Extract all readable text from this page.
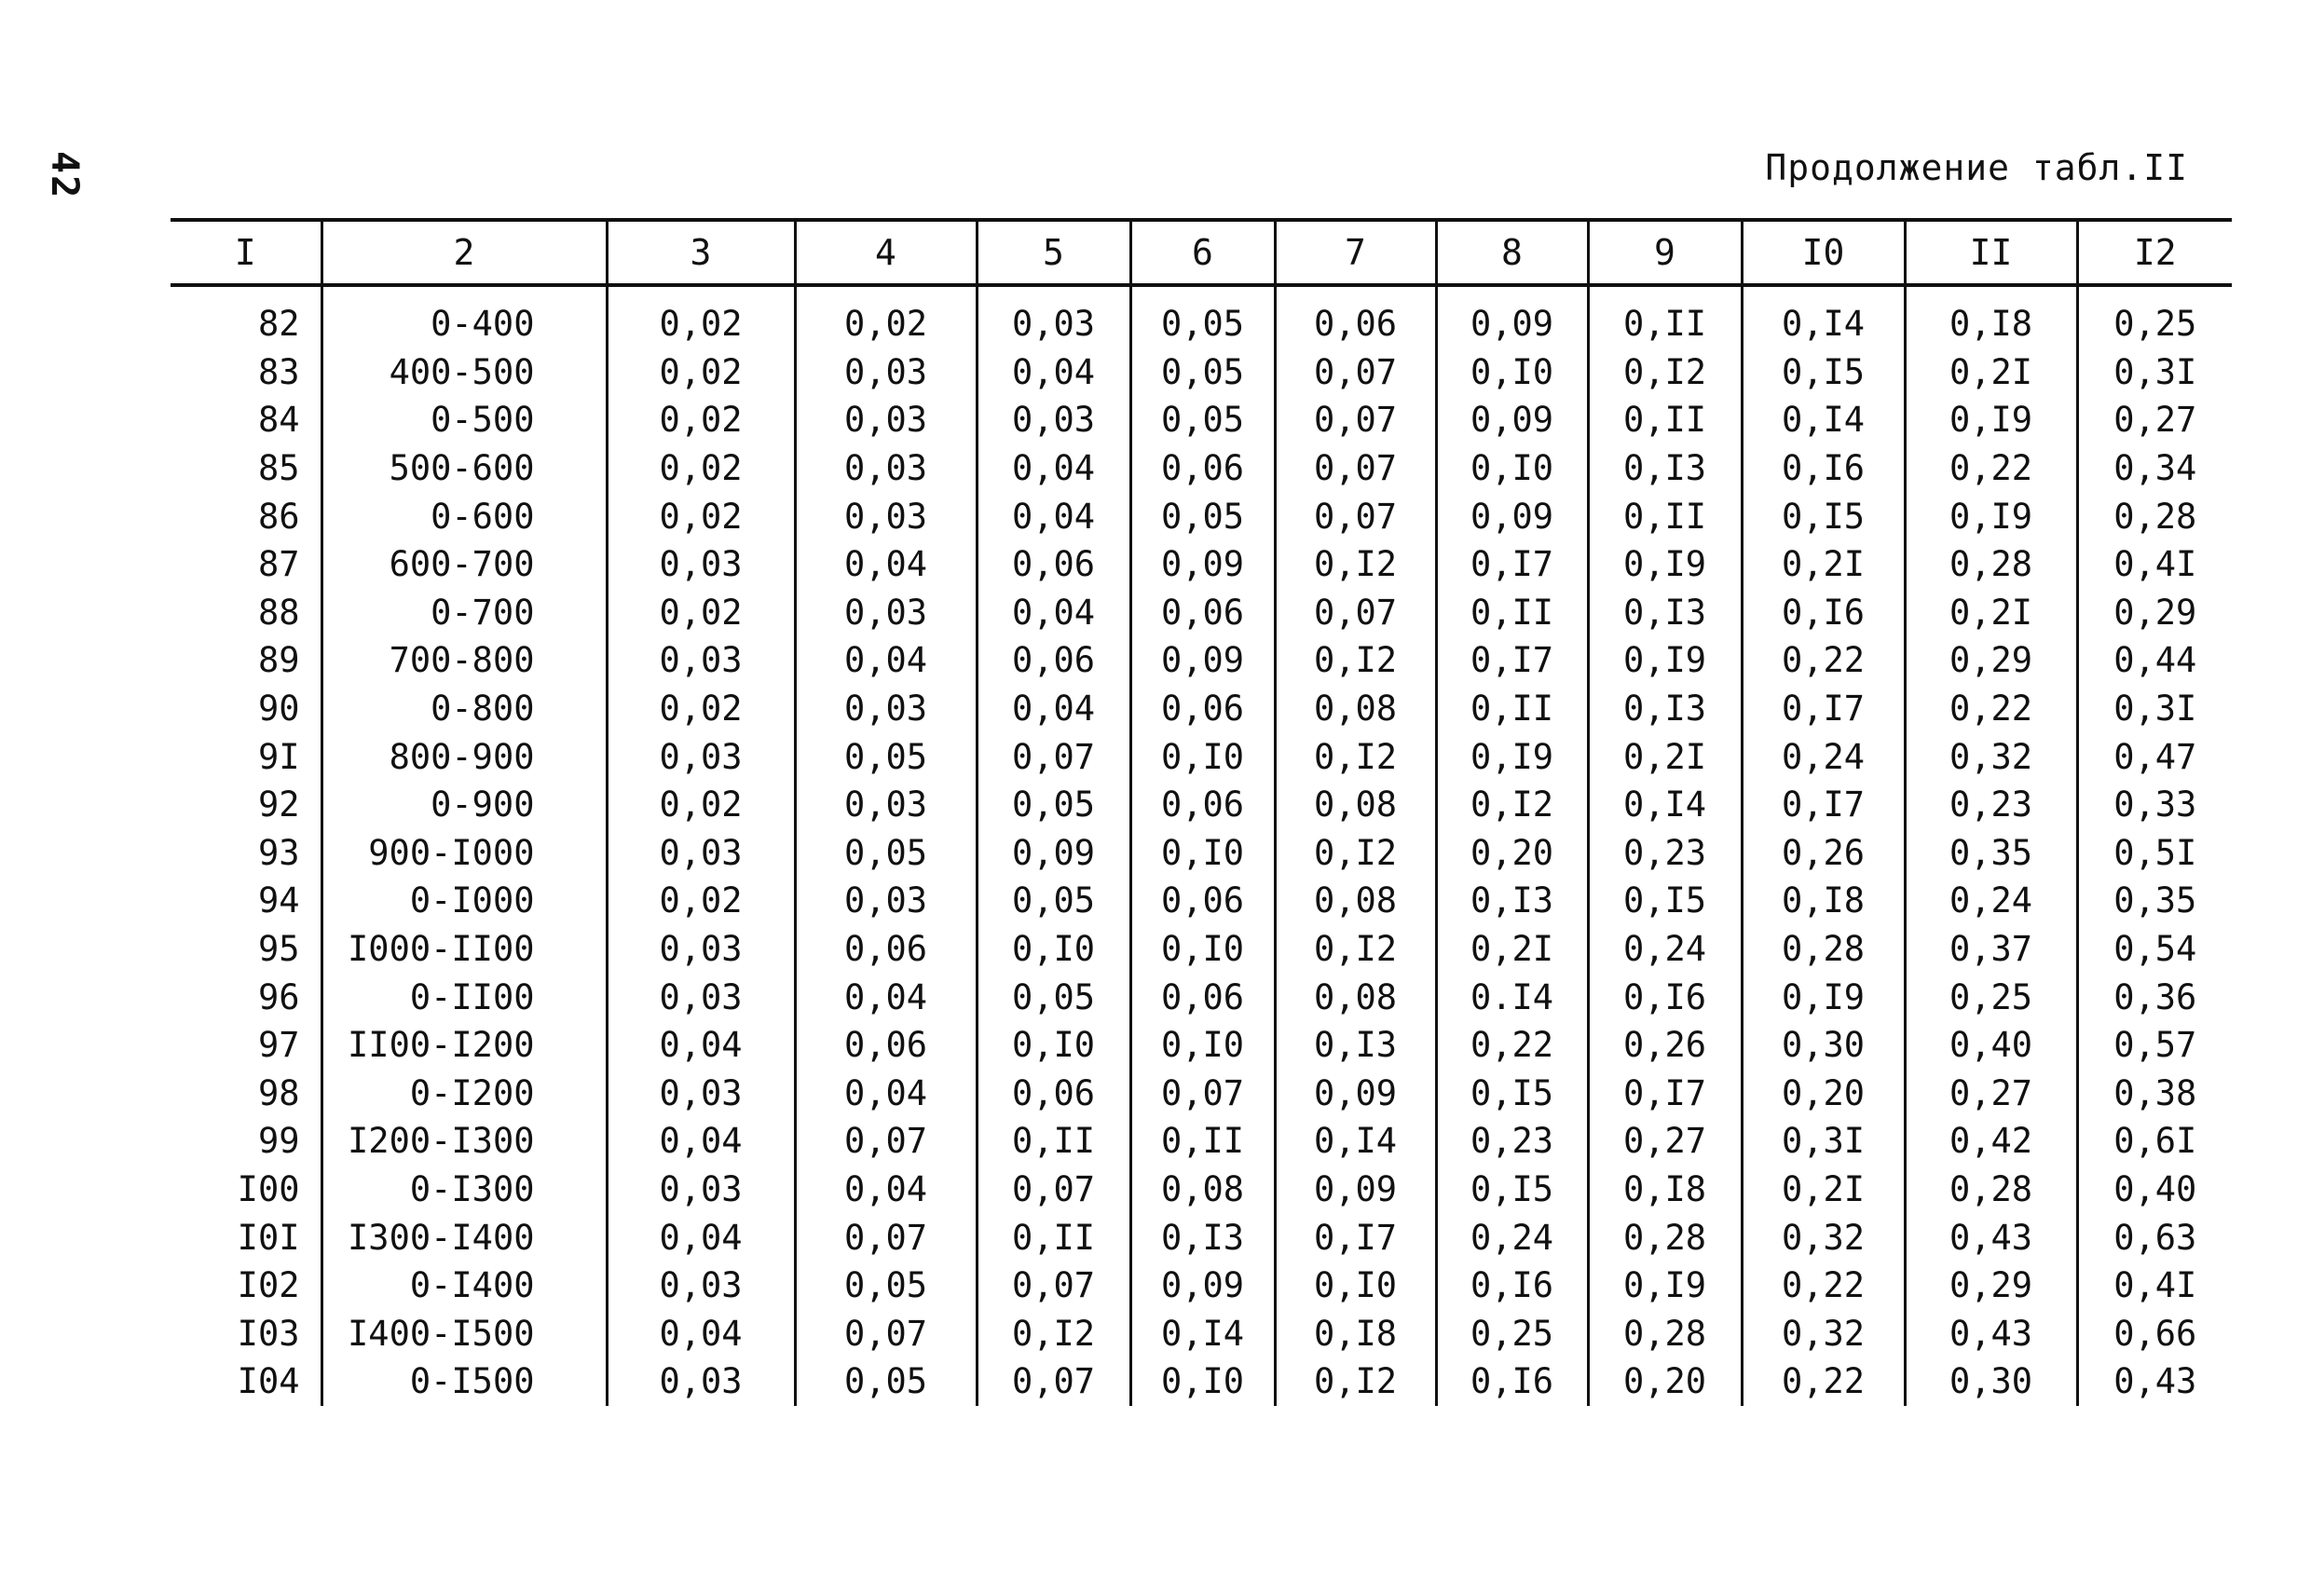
42	Продолжение табл.II
I	2	3	4	5	6	7	8	9	I0	II	I2
82	0-400	0,02	0,02	0,03	0,05	0,06	0,09	0,II	0,I4	0,I8	0,25
83	400-500	0,02	0,03	0,04	0,05	0,07	0,I0	0,I2	0,I5	0,2I	0,3I
84	0-500	0,02	0,03	0,03	0,05	0,07	0,09	0,II	0,I4	0,I9	0,27
85	500-600	0,02	0,03	0,04	0,06	0,07	0,I0	0,I3	0,I6	0,22	0,34
86	0-600	0,02	0,03	0,04	0,05	0,07	0,09	0,II	0,I5	0,I9	0,28
87	600-700	0,03	0,04	0,06	0,09	0,I2	0,I7	0,I9	0,2I	0,28	0,4I
88	0-700	0,02	0,03	0,04	0,06	0,07	0,II	0,I3	0,I6	0,2I	0,29
89	700-800	0,03	0,04	0,06	0,09	0,I2	0,I7	0,I9	0,22	0,29	0,44
90	0-800	0,02	0,03	0,04	0,06	0,08	0,II	0,I3	0,I7	0,22	0,3I
9I	800-900	0,03	0,05	0,07	0,I0	0,I2	0,I9	0,2I	0,24	0,32	0,47
92	0-900	0,02	0,03	0,05	0,06	0,08	0,I2	0,I4	0,I7	0,23	0,33
93	900-I000	0,03	0,05	0,09	0,I0	0,I2	0,20	0,23	0,26	0,35	0,5I
94	0-I000	0,02	0,03	0,05	0,06	0,08	0,I3	0,I5	0,I8	0,24	0,35
95	I000-II00	0,03	0,06	0,I0	0,I0	0,I2	0,2I	0,24	0,28	0,37	0,54
96	0-II00	0,03	0,04	0,05	0,06	0,08	0.I4	0,I6	0,I9	0,25	0,36
97	II00-I200	0,04	0,06	0,I0	0,I0	0,I3	0,22	0,26	0,30	0,40	0,57
98	0-I200	0,03	0,04	0,06	0,07	0,09	0,I5	0,I7	0,20	0,27	0,38
99	I200-I300	0,04	0,07	0,II	0,II	0,I4	0,23	0,27	0,3I	0,42	0,6I
I00	0-I300	0,03	0,04	0,07	0,08	0,09	0,I5	0,I8	0,2I	0,28	0,40
I0I	I300-I400	0,04	0,07	0,II	0,I3	0,I7	0,24	0,28	0,32	0,43	0,63
I02	0-I400	0,03	0,05	0,07	0,09	0,I0	0,I6	0,I9	0,22	0,29	0,4I
I03	I400-I500	0,04	0,07	0,I2	0,I4	0,I8	0,25	0,28	0,32	0,43	0,66
I04	0-I500	0,03	0,05	0,07	0,I0	0,I2	0,I6	0,20	0,22	0,30	0,43
